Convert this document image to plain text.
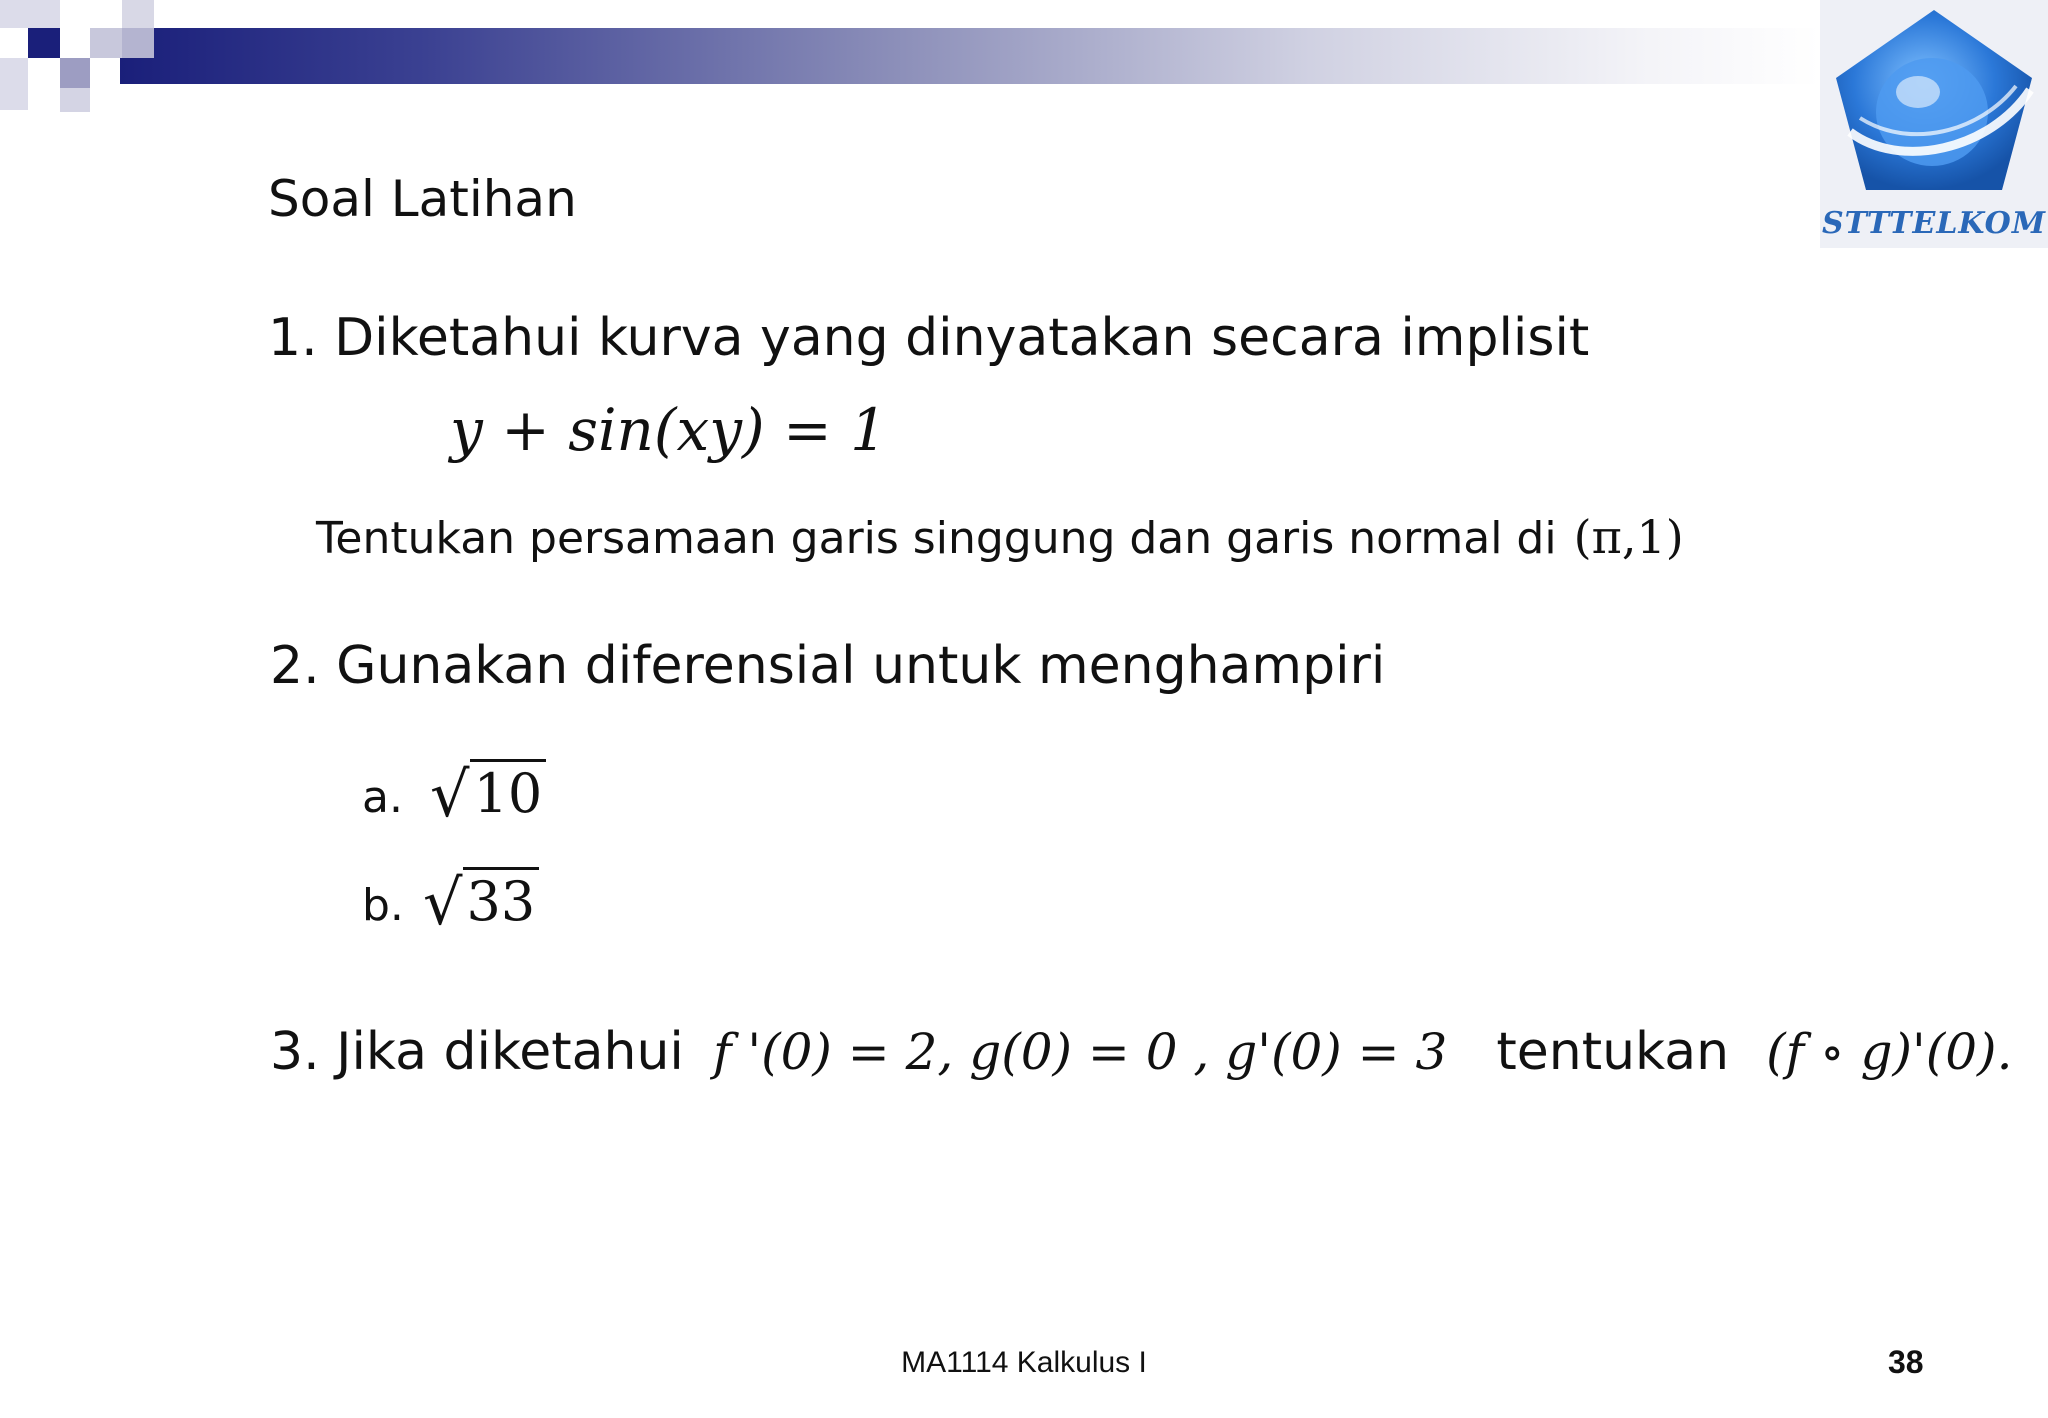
STTTELKOM
Soal Latihan
1. Diketahui kurva yang dinyatakan secara implisit
y + sin(xy) = 1
Tentukan persamaan garis singgung dan garis normal di (π,1)
2. Gunakan diferensial untuk menghampiri
a. √10
b. √33
3. Jika diketahui f '(0) = 2, g(0) = 0 , g'(0) = 3 tentukan (f ∘ g)'(0).
MA1114 Kalkulus I	38
